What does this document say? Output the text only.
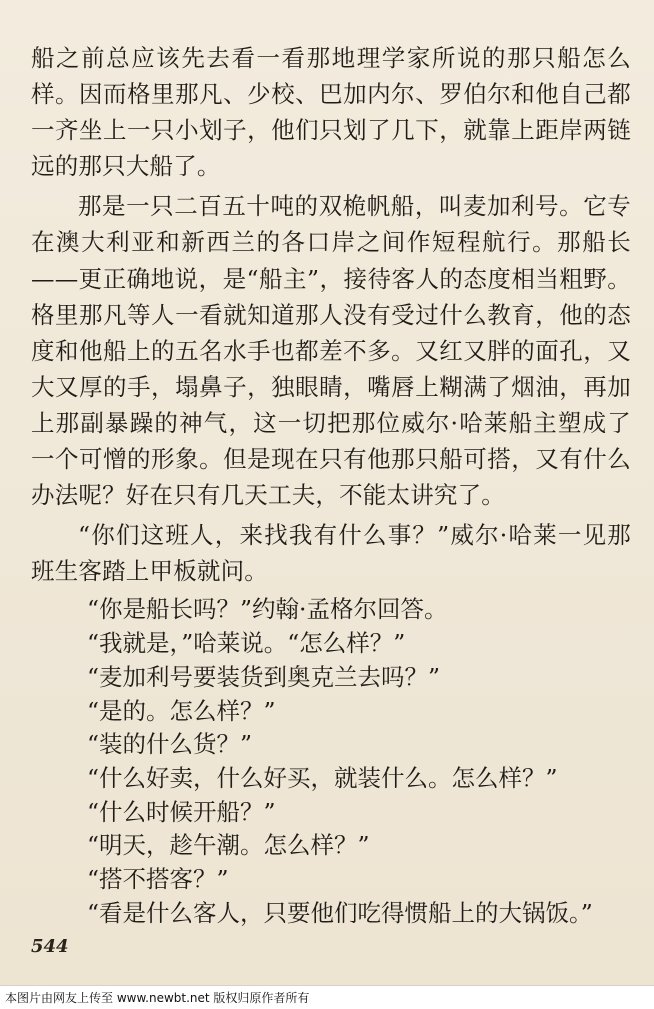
船之前总应该先去看一看那地理学家所说的那只船怎么样。因而格里那凡、少校、巴加内尔、罗伯尔和他自己都一齐坐上一只小划子，他们只划了几下，就靠上距岸两链远的那只大船了。

那是一只二百五十吨的双桅帆船，叫麦加利号。它专在澳大利亚和新西兰的各口岸之间作短程航行。那船长——更正确地说，是“船主”，接待客人的态度相当粗野。格里那凡等人一看就知道那人没有受过什么教育，他的态度和他船上的五名水手也都差不多。又红又胖的面孔，又大又厚的手，塌鼻子，独眼睛，嘴唇上糊满了烟油，再加上那副暴躁的神气，这一切把那位威尔·哈莱船主塑成了一个可憎的形象。但是现在只有他那只船可搭，又有什么办法呢？好在只有几天工夫，不能太讲究了。

“你们这班人，来找我有什么事？”威尔·哈莱一见那班生客踏上甲板就问。

“你是船长吗？”约翰·孟格尔回答。

“我就是，”哈莱说。“怎么样？”

“麦加利号要装货到奥克兰去吗？”

“是的。怎么样？”

“装的什么货？”

“什么好卖，什么好买，就装什么。怎么样？”

“什么时候开船？”

“明天，趁午潮。怎么样？”

“搭不搭客？”

“看是什么客人，只要他们吃得惯船上的大锅饭。”

544
本图片由网友上传至 www.newbt.net 版权归原作者所有
